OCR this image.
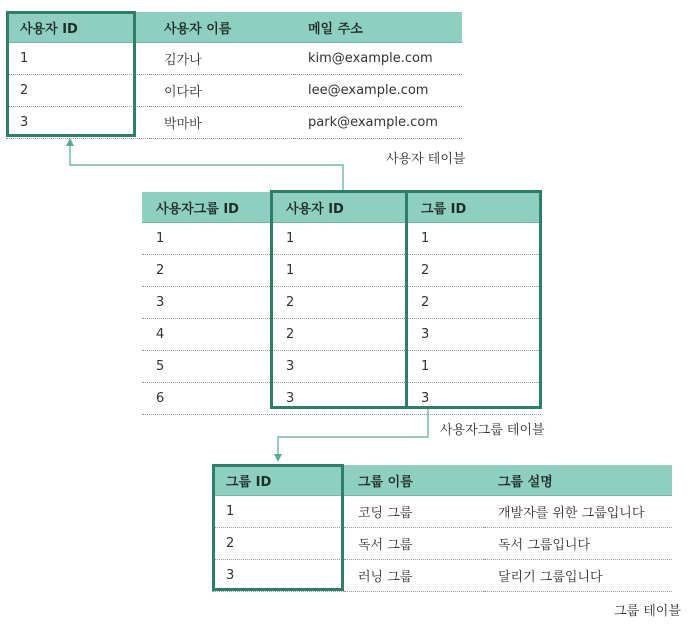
사용자 ID	사용자 이름	메일 주소
1	김가나	kim@example.com
2	이다라	lee@example.com
3	박마바	park@example.com
사용자 테이블
사용자그룹 ID	사용자 ID	그룹 ID
1	1	1
2	1	2
3	2	2
4	2	3
5	3	1
6	3	3
사용자그룹 테이블
그룹 ID	그룹 이름	그룹 설명
1	코딩 그룹	개발자를 위한 그룹입니다
2	독서 그룹	독서 그룹입니다
3	러닝 그룹	달리기 그룹입니다
그룹 테이블
